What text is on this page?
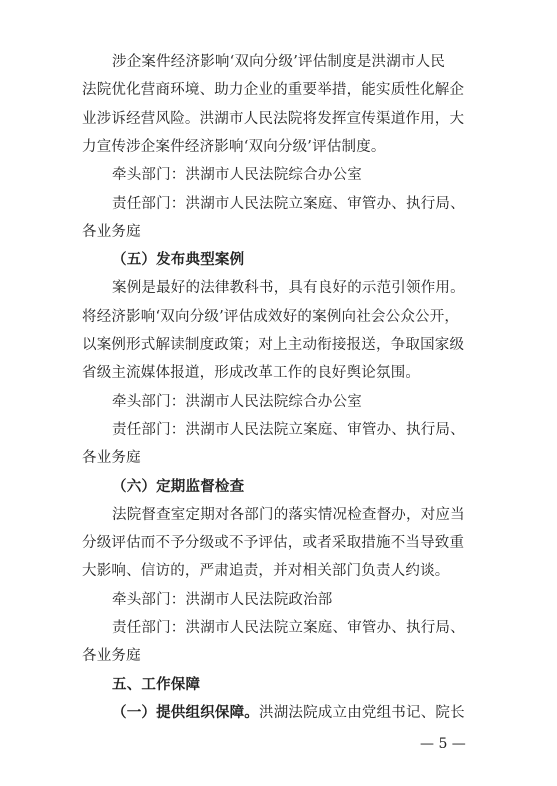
涉企案件经济影响‘双向分级’评估制度是洪湖市人民
法院优化营商环境、助力企业的重要举措，能实质性化解企
业涉诉经营风险。洪湖市人民法院将发挥宣传渠道作用，大
力宣传涉企案件经济影响‘双向分级’评估制度。
牵头部门：洪湖市人民法院综合办公室
责任部门：洪湖市人民法院立案庭、审管办、执行局、
各业务庭
（五）发布典型案例
案例是最好的法律教科书，具有良好的示范引领作用。
将经济影响‘双向分级’评估成效好的案例向社会公众公开，
以案例形式解读制度政策；对上主动衔接报送，争取国家级
省级主流媒体报道，形成改革工作的良好舆论氛围。
牵头部门：洪湖市人民法院综合办公室
责任部门：洪湖市人民法院立案庭、审管办、执行局、
各业务庭
（六）定期监督检查
法院督查室定期对各部门的落实情况检查督办，对应当
分级评估而不予分级或不予评估，或者采取措施不当导致重
大影响、信访的，严肃追责，并对相关部门负责人约谈。
牵头部门：洪湖市人民法院政治部
责任部门：洪湖市人民法院立案庭、审管办、执行局、
各业务庭
五、工作保障
（一）提供组织保障。洪湖法院成立由党组书记、院长
— 5 —
